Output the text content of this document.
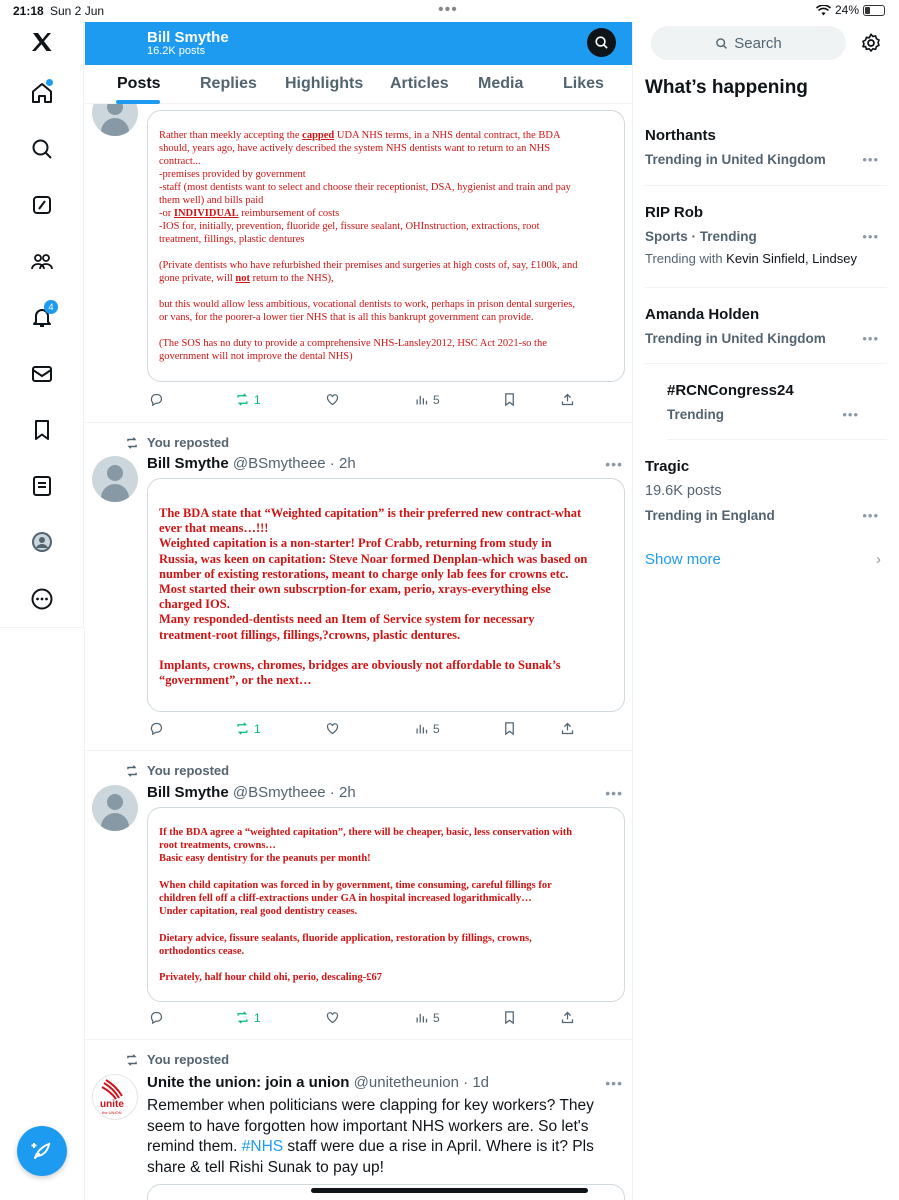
21:18 Sun 2 Jun	•••	24%
4

Rather than meekly accepting the capped UDA NHS terms, in a NHS dental contract, the BDA

should, years ago, have actively described the system NHS dentists want to return to an NHS

contract...

-premises provided by government

-staff (most dentists want to select and choose their receptionist, DSA, hygienist and train and pay

them well) and bills paid

-or INDIVIDUAL reimbursement of costs

-IOS for, initially, prevention, fluoride gel, fissure sealant, OHInstruction, extractions, root

treatment, fillings, plastic dentures

(Private dentists who have refurbished their premises and surgeries at high costs of, say, £100k, and

gone private, will not return to the NHS),

but this would allow less ambitious, vocational dentists to work, perhaps in prison dental surgeries,

or vans, for the poorer-a lower tier NHS that is all this bankrupt government can provide.

(The SOS has no duty to provide a comprehensive NHS-Lansley2012, HSC Act 2021-so the

government will not improve the dental NHS)

1	5
You reposted
Bill Smythe @BSmytheee · 2h	•••

The BDA state that “Weighted capitation” is their preferred new contract-what

ever that means…!!!

Weighted capitation is a non-starter! Prof Crabb, returning from study in

Russia, was keen on capitation: Steve Noar formed Denplan-which was based on

number of existing restorations, meant to charge only lab fees for crowns etc.

Most started their own subscrption-for exam, perio, xrays-everything else

charged IOS.

Many responded-dentists need an Item of Service system for necessary

treatment-root fillings, fillings,?crowns, plastic dentures.

Implants, crowns, chromes, bridges are obviously not affordable to Sunak’s

“government”, or the next…

1	5
You reposted
Bill Smythe @BSmytheee · 2h	•••

If the BDA agree a “weighted capitation”, there will be cheaper, basic, less conservation with

root treatments, crowns…

Basic easy dentistry for the peanuts per month!

When child capitation was forced in by government, time consuming, careful fillings for

children fell off a cliff-extractions under GA in hospital increased logarithmically…

Under capitation, real good dentistry ceases.

Dietary advice, fissure sealants, fluoride application, restoration by fillings, crowns,

orthodontics cease.

Privately, half hour child ohi, perio, descaling-£67

1	5
You reposted
unite
the UNION
Unite the union: join a union @unitetheunion · 1d	•••
Remember when politicians were clapping for key workers? They seem to have forgotten how important NHS workers are. So let's remind them. #NHS staff were due a rise in April. Where is it? Pls share & tell Rishi Sunak to pay up!
Bill Smythe
16.2K posts
Posts Replies Highlights Articles Media Likes
Search
What’s happening
Northants
Trending in United Kingdom	•••
RIP Rob
Sports · Trending
Trending with Kevin Sinfield, Lindsey
•••
Amanda Holden
Trending in United Kingdom	•••
#RCNCongress24
Trending	•••
Tragic
19.6K posts
Trending in England	•••
Show more	›
